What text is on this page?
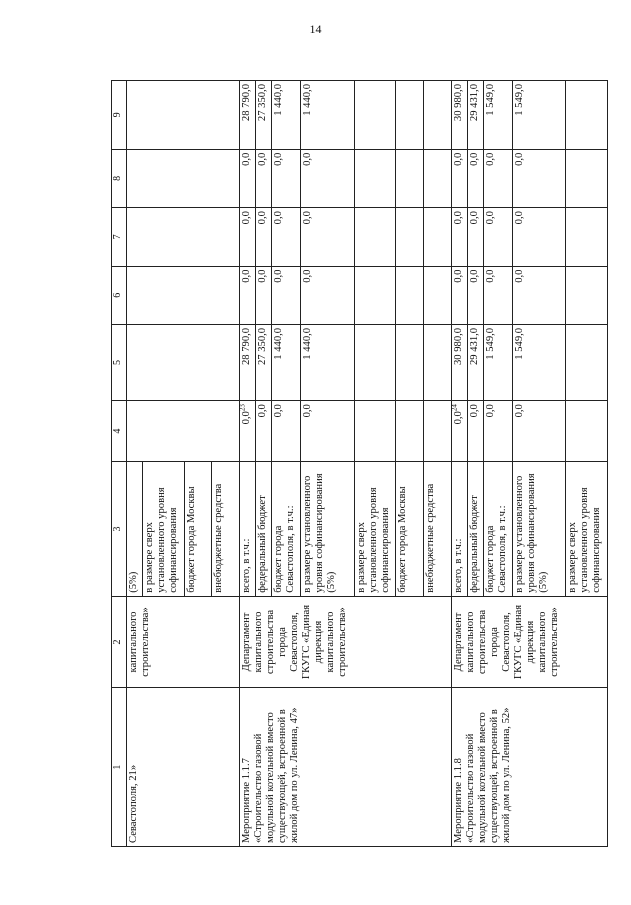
14
1	2	3	4	5	6	7	8	9
Севастополя, 21»	капитального строительства»	(5%)						
		в размере сверх установленного уровня софинансирования						
		бюджет города Москвы						
		внебюджетные средства						
Мероприятие 1.1.7 «Строительство газовой модульной котельной вместо существующей, встроенной в жилой дом по ул. Ленина, 47»	Департамент капитального строительства города Севастополя, ГКУГС «Единая дирекция капитального строительства»	всего, в т.ч.:	$0,0^{23}$	28 790,0	0,0	0,0	0,0	28 790,0
		федеральный бюджет	0,0	27 350,0	0,0	0,0	0,0	27 350,0
		бюджет города Севастополя, в т.ч.:	0,0	1 440,0	0,0	0,0	0,0	1 440,0
		в размере установленного уровня софинансирования (5%)	0,0	1 440,0	0,0	0,0	0,0	1 440,0
		в размере сверх установленного уровня софинансирования						
		бюджет города Москвы						
		внебюджетные средства						
Мероприятие 1.1.8 «Строительство газовой модульной котельной вместо существующей, встроенной в жилой дом по ул. Ленина, 52»	Департамент капитального строительства города Севастополя, ГКУГС «Единая дирекция капитального строительства»	всего, в т.ч.:	$0,0^{24}$	30 980,0	0,0	0,0	0,0	30 980,0
		федеральный бюджет	0,0	29 431,0	0,0	0,0	0,0	29 431,0
		бюджет города Севастополя, в т.ч.:	0,0	1 549,0	0,0	0,0	0,0	1 549,0
		в размере установленного уровня софинансирования (5%)	0,0	1 549,0	0,0	0,0	0,0	1 549,0
		в размере сверх установленного уровня софинансирования						
